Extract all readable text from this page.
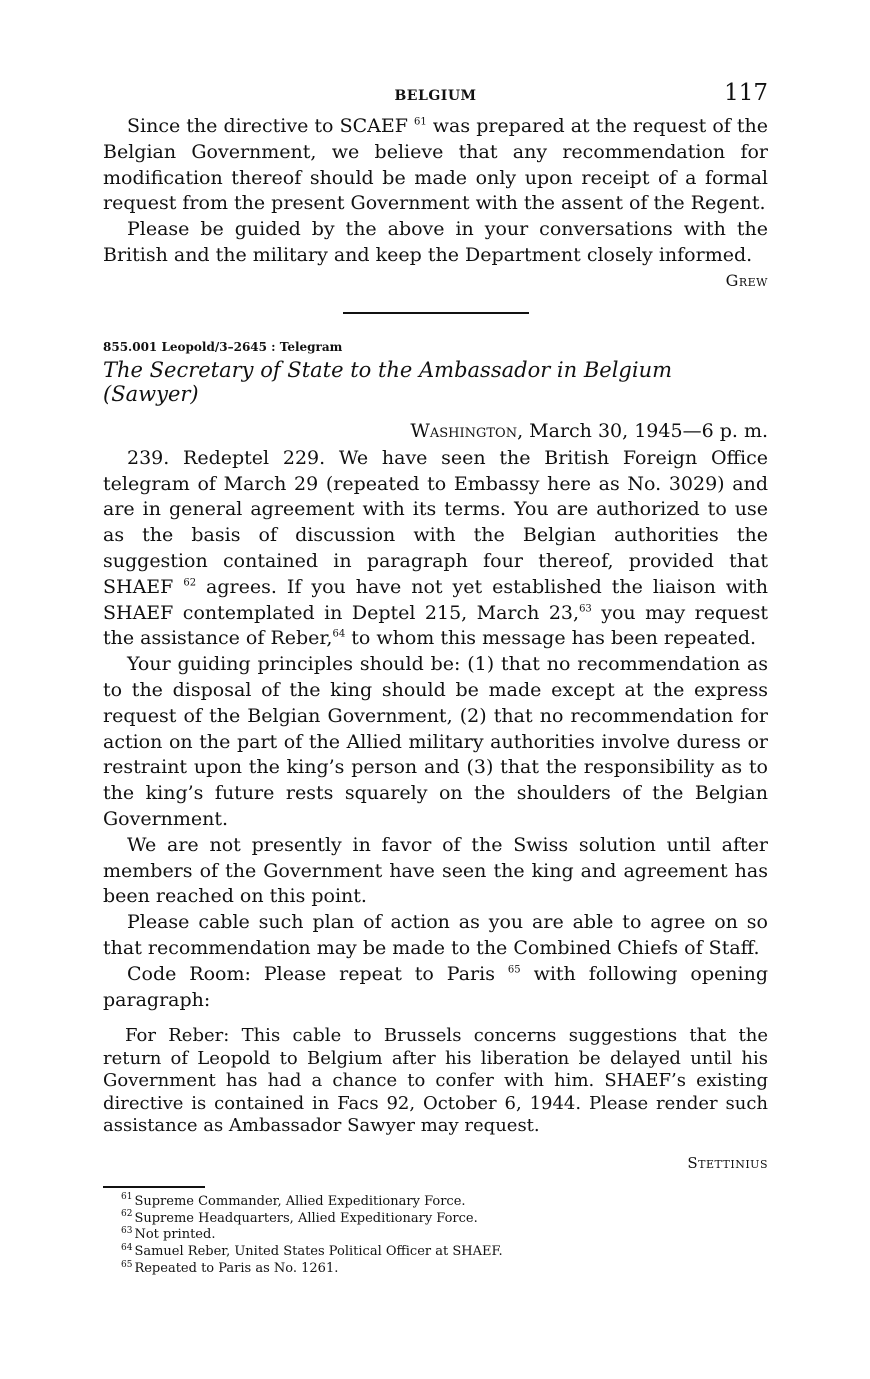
BELGIUM	117

Since the directive to SCAEF $^{61}$ was prepared at the request of the Belgian Government, we believe that any recommendation for modification thereof should be made only upon receipt of a formal request from the present Government with the assent of the Regent.

Please be guided by the above in your conversations with the British and the military and keep the Department closely informed.

Grew

855.001 Leopold/3–2645 : Telegram

The Secretary of State to the Ambassador in Belgium (Sawyer)

Washington, March 30, 1945—6 p. m.

239. Redeptel 229. We have seen the British Foreign Office telegram of March 29 (repeated to Embassy here as No. 3029) and are in general agreement with its terms. You are authorized to use as the basis of discussion with the Belgian authorities the suggestion contained in paragraph four thereof, provided that SHAEF $^{62}$ agrees. If you have not yet established the liaison with SHAEF contemplated in Deptel 215, March 23,63 you may request the assistance of Reber,$^{64}$ to whom this message has been repeated.

Your guiding principles should be: (1) that no recommendation as to the disposal of the king should be made except at the express request of the Belgian Government, (2) that no recommendation for action on the part of the Allied military authorities involve duress or restraint upon the king’s person and (3) that the responsibility as to the king’s future rests squarely on the shoulders of the Belgian Government.

We are not presently in favor of the Swiss solution until after members of the Government have seen the king and agreement has been reached on this point.

Please cable such plan of action as you are able to agree on so that recommendation may be made to the Combined Chiefs of Staff.

Code Room: Please repeat to Paris $^{65}$ with following opening paragraph:

For Reber: This cable to Brussels concerns suggestions that the return of Leopold to Belgium after his liberation be delayed until his Government has had a chance to confer with him. SHAEF’s existing directive is contained in Facs 92, October 6, 1944. Please render such assistance as Ambassador Sawyer may request.

Stettinius

$^{61}$ Supreme Commander, Allied Expeditionary Force.

$^{62}$ Supreme Headquarters, Allied Expeditionary Force.

$^{63}$ Not printed.

$^{64}$ Samuel Reber, United States Political Officer at SHAEF.

$^{65}$ Repeated to Paris as No. 1261.
